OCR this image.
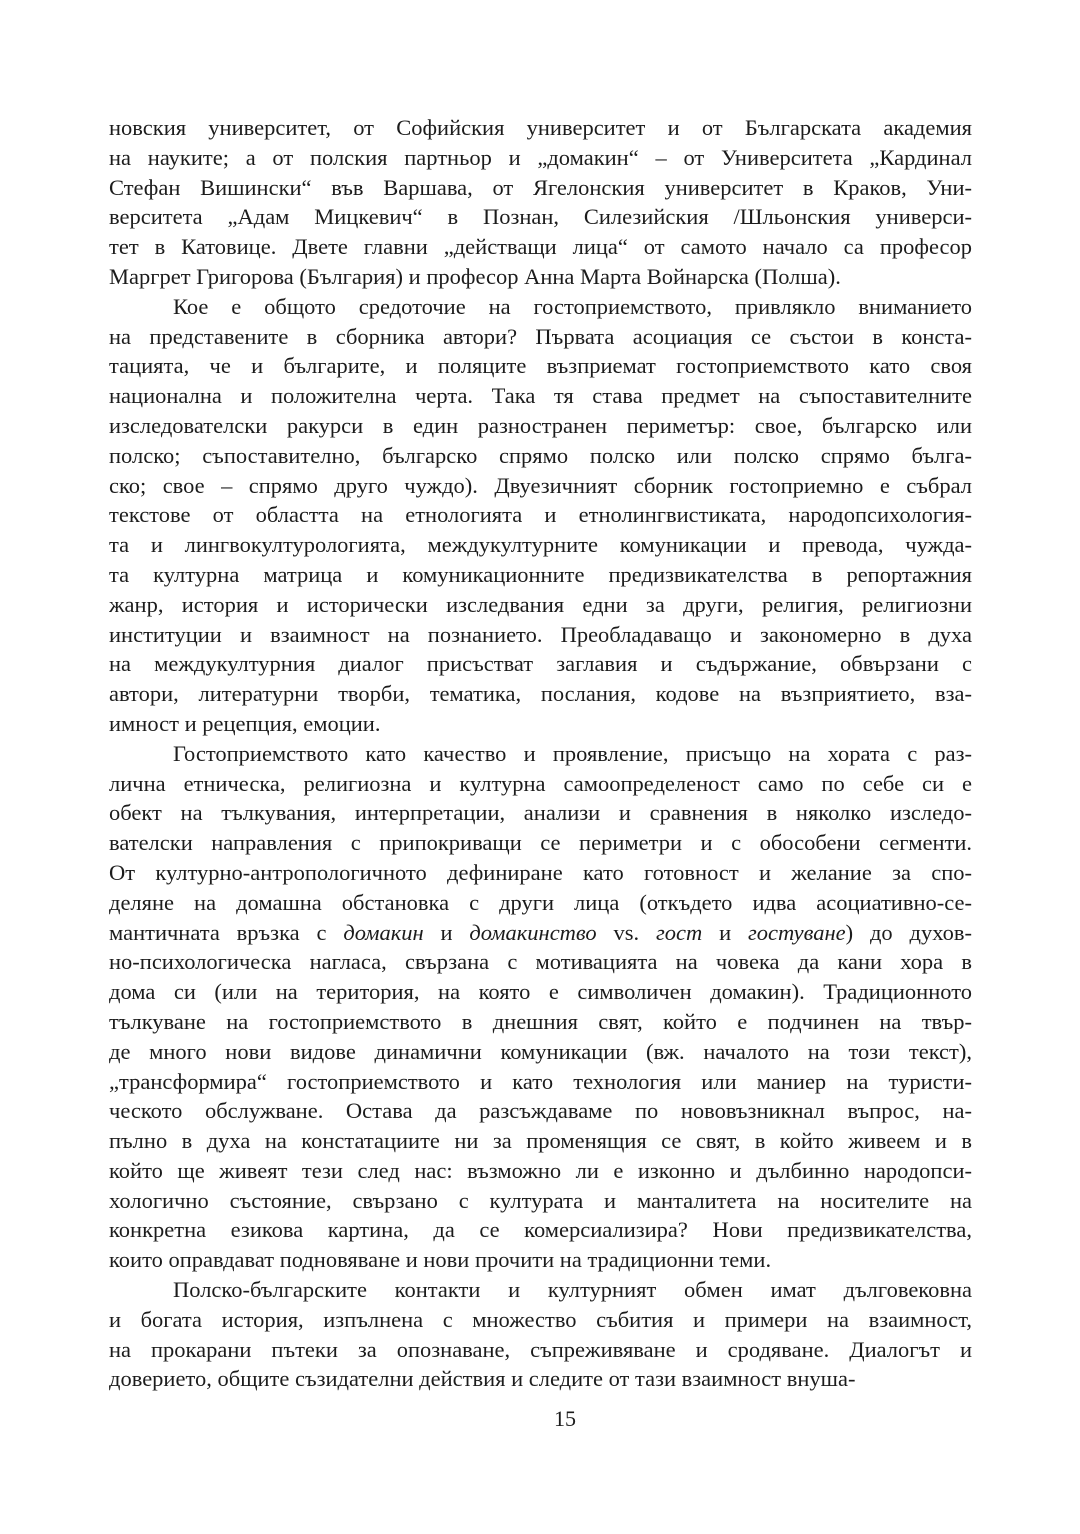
новския университет, от Софийския университет и от Българската академия
на науките; а от полския партньор и „домакин“ – от Университета „Кардинал
Стефан Вишински“ във Варшава, от Ягелонския университет в Краков, Уни-
верситета „Адам Мицкевич“ в Познан, Силезийския /Шльонския универси-
тет в Катовице. Двете главни „действащи лица“ от самото начало са професор
Маргрет Григорова (България) и професор Анна Марта Войнарска (Полша).
Кое е общото средоточие на гостоприемството, привлякло вниманието
на представените в сборника автори? Първата асоциация се състои в конста-
тацията, че и българите, и поляците възприемат гостоприемството като своя
национална и положителна черта. Така тя става предмет на съпоставителните
изследователски ракурси в един разностранен периметър: свое, българско или
полско; съпоставително, българско спрямо полско или полско спрямо бълга-
ско; свое – спрямо друго чуждо). Двуезичният сборник гостоприемно е събрал
текстове от областта на етнологията и етнолингвистиката, народопсихология-
та и лингвокултурологията, междукултурните комуникации и превода, чужда-
та културна матрица и комуникационните предизвикателства в репортажния
жанр, история и исторически изследвания едни за други, религия, религиозни
институции и взаимност на познанието. Преобладаващо и закономерно в духа
на междукултурния диалог присъстват заглавия и съдържание, обвързани с
автори, литературни творби, тематика, послания, кодове на възприятието, вза-
имност и рецепция, емоции.
Гостоприемството като качество и проявление, присъщо на хората с раз-
лична етническа, религиозна и културна самоопределеност само по себе си е
обект на тълкувания, интерпретации, анализи и сравнения в няколко изследо-
вателски направления с припокриващи се периметри и с обособени сегменти.
От културно-антропологичното дефиниране като готовност и желание за спо-
деляне на домашна обстановка с други лица (откъдето идва асоциативно-се-
мантичната връзка с домакин и домакинство vs. гост и гостуване) до духов-
но-психологическа нагласа, свързана с мотивацията на човека да кани хора в
дома си (или на територия, на която е символичен домакин). Традиционното
тълкуване на гостоприемството в днешния свят, който е подчинен на твър-
де много нови видове динамични комуникации (вж. началото на този текст),
„трансформира“ гостоприемството и като технология или маниер на туристи-
ческото обслужване. Остава да разсъждаваме по нововъзникнал въпрос, на-
пълно в духа на констатациите ни за променящия се свят, в който живеем и в
който ще живеят тези след нас: възможно ли е изконно и дълбинно народопси-
хологично състояние, свързано с културата и манталитета на носителите на
конкретна езикова картина, да се комерсиализира? Нови предизвикателства,
които оправдават подновяване и нови прочити на традиционни теми.
Полско-българските контакти и културният обмен имат дълговековна
и богата история, изпълнена с множество събития и примери на взаимност,
на прокарани пътеки за опознаване, съпреживяване и сродяване. Диалогът и
доверието, общите съзидателни действия и следите от тази взаимност внуша-
15
